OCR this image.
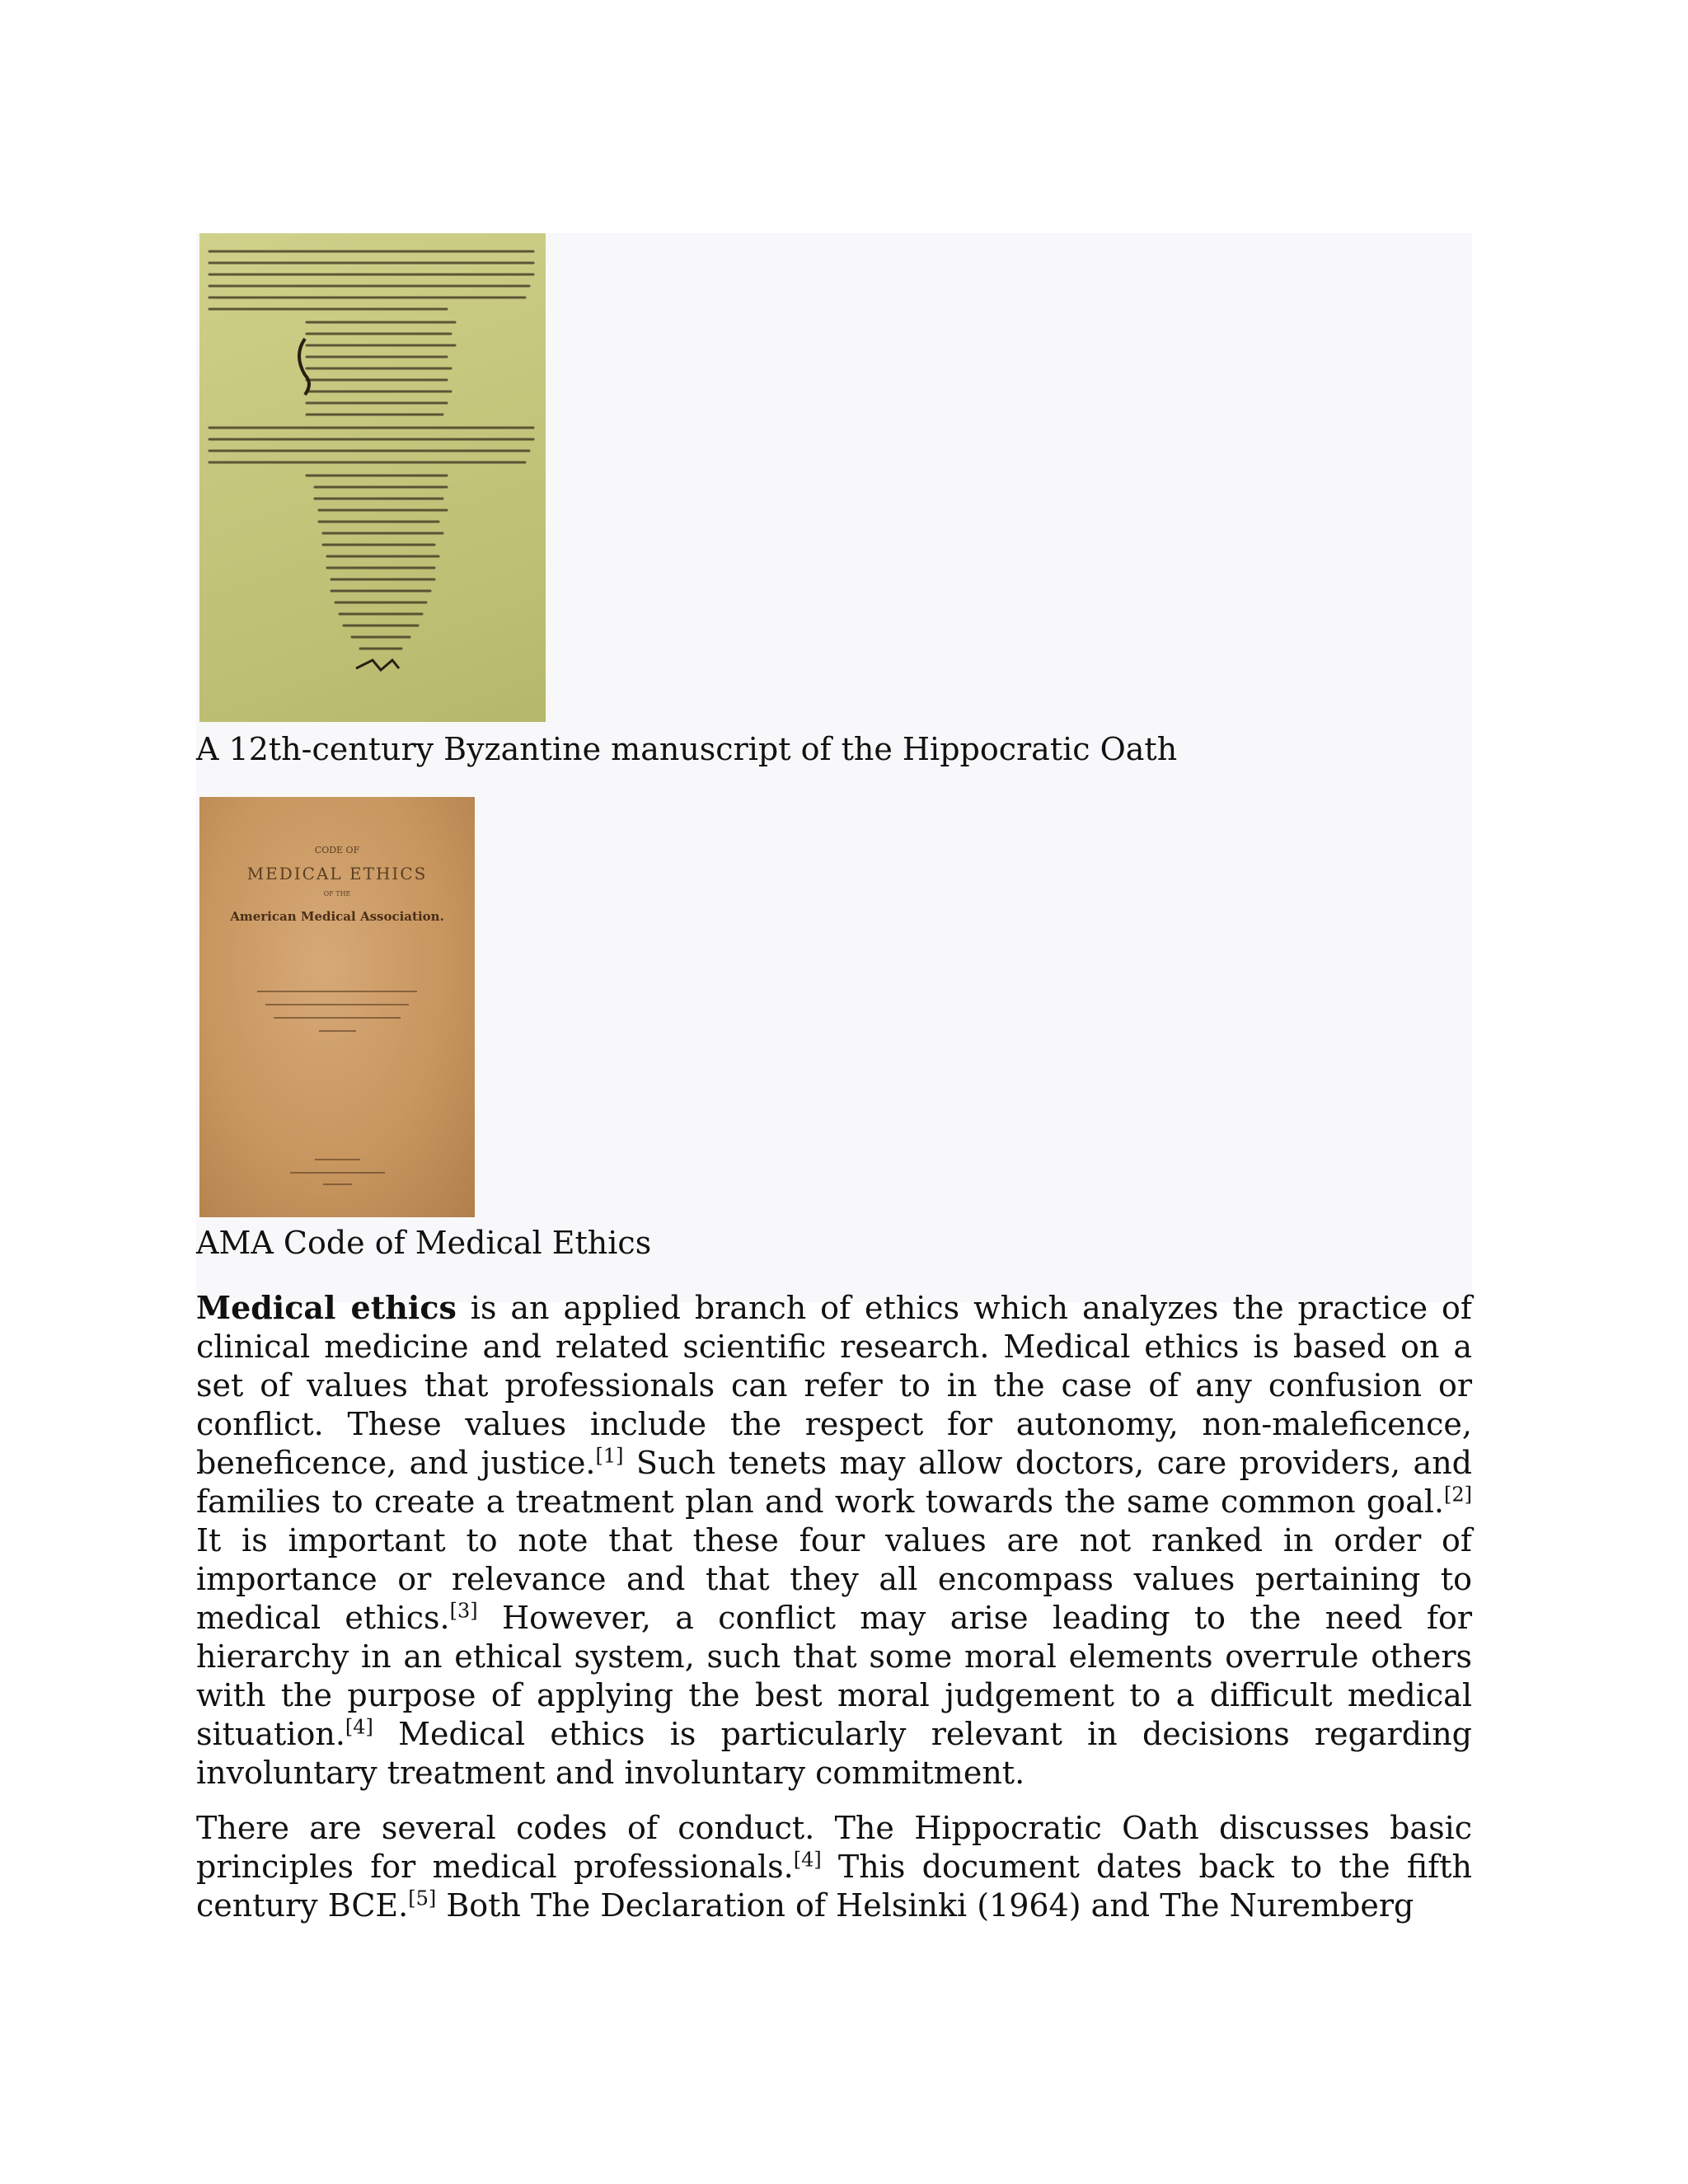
A 12th-century Byzantine manuscript of the Hippocratic Oath
CODE OF
MEDICAL ETHICS
OF THE
American Medical Association.
AMA Code of Medical Ethics

Medical ethics is an applied branch of ethics which analyzes the practice of clinical medicine and related scientific research. Medical ethics is based on a set of values that professionals can refer to in the case of any confusion or conflict. These values include the respect for autonomy, non-maleficence, beneficence, and justice.[1] Such tenets may allow doctors, care providers, and families to create a treatment plan and work towards the same common goal.[2] It is important to note that these four values are not ranked in order of importance or relevance and that they all encompass values pertaining to medical ethics.[3] However, a conflict may arise leading to the need for hierarchy in an ethical system, such that some moral elements overrule others with the purpose of applying the best moral judgement to a difficult medical situation.[4] Medical ethics is particularly relevant in decisions regarding involuntary treatment and involuntary commitment.

There are several codes of conduct. The Hippocratic Oath discusses basic principles for medical professionals.[4] This document dates back to the fifth century BCE.[5] Both The Declaration of Helsinki (1964) and The Nuremberg
